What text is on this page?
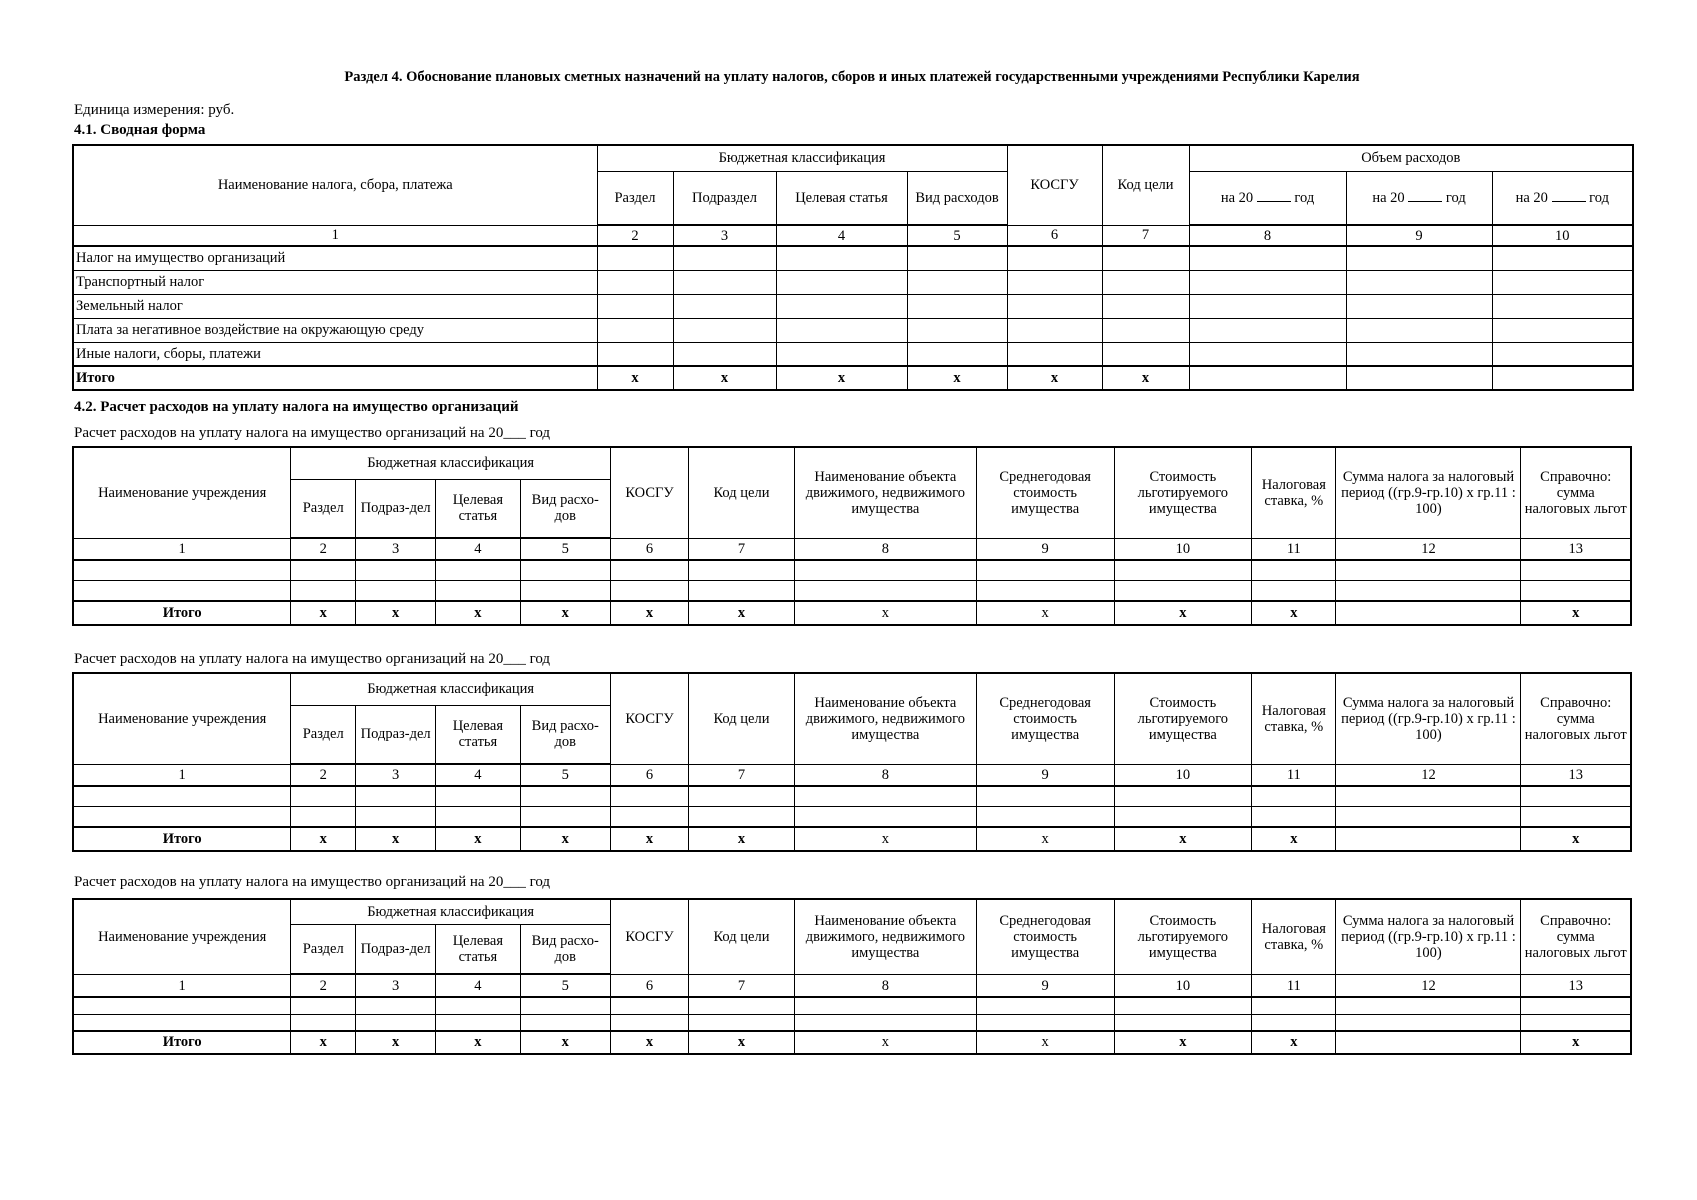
Раздел 4. Обоснование плановых сметных назначений на уплату налогов, сборов и иных платежей государственными учреждениями Республики Карелия
Единица измерения: руб.
4.1. Сводная форма
Наименование налога, сбора, платежа	Бюджетная классификация				КОСГУ	Код цели	Объем расходов		
	Раздел	Подраздел	Целевая статья	Вид расходов			на 20 год	на 20 год	на 20 год
1	2	3	4	5	6	7	8	9	10
Налог на имущество организаций									
Транспортный налог									
Земельный налог									
Плата за негативное воздействие на окружающую среду									
Иные налоги, сборы, платежи									
Итого	x	x	x	x	x	x			
4.2. Расчет расходов на уплату налога на имущество организаций
Расчет расходов на уплату налога на имущество организаций на 20___ год
Наименование учреждения	Бюджетная классификация				КОСГУ	Код цели	Наименование объекта движимого, недвижимого имущества	Среднегодовая стоимость имущества	Стоимость льготируемого имущества	Налоговая ставка, %	Сумма налога за налоговый период ((гр.9-гр.10) х гр.11 : 100)	Справочно: сумма налоговых льгот
	Раздел	Подраз-дел	Целевая статья	Вид расхо-дов								
1	2	3	4	5	6	7	8	9	10	11	12	13

Итого	x	x	x	x	x	x	x	x	x	x		x
Расчет расходов на уплату налога на имущество организаций на 20___ год
Наименование учреждения	Бюджетная классификация				КОСГУ	Код цели	Наименование объекта движимого, недвижимого имущества	Среднегодовая стоимость имущества	Стоимость льготируемого имущества	Налоговая ставка, %	Сумма налога за налоговый период ((гр.9-гр.10) х гр.11 : 100)	Справочно: сумма налоговых льгот
	Раздел	Подраз-дел	Целевая статья	Вид расхо-дов								
1	2	3	4	5	6	7	8	9	10	11	12	13

Итого	x	x	x	x	x	x	x	x	x	x		x
Расчет расходов на уплату налога на имущество организаций на 20___ год
Наименование учреждения	Бюджетная классификация				КОСГУ	Код цели	Наименование объекта движимого, недвижимого имущества	Среднегодовая стоимость имущества	Стоимость льготируемого имущества	Налоговая ставка, %	Сумма налога за налоговый период ((гр.9-гр.10) х гр.11 : 100)	Справочно: сумма налоговых льгот
	Раздел	Подраз-дел	Целевая статья	Вид расхо-дов								
1	2	3	4	5	6	7	8	9	10	11	12	13

Итого	x	x	x	x	x	x	x	x	x	x		x
